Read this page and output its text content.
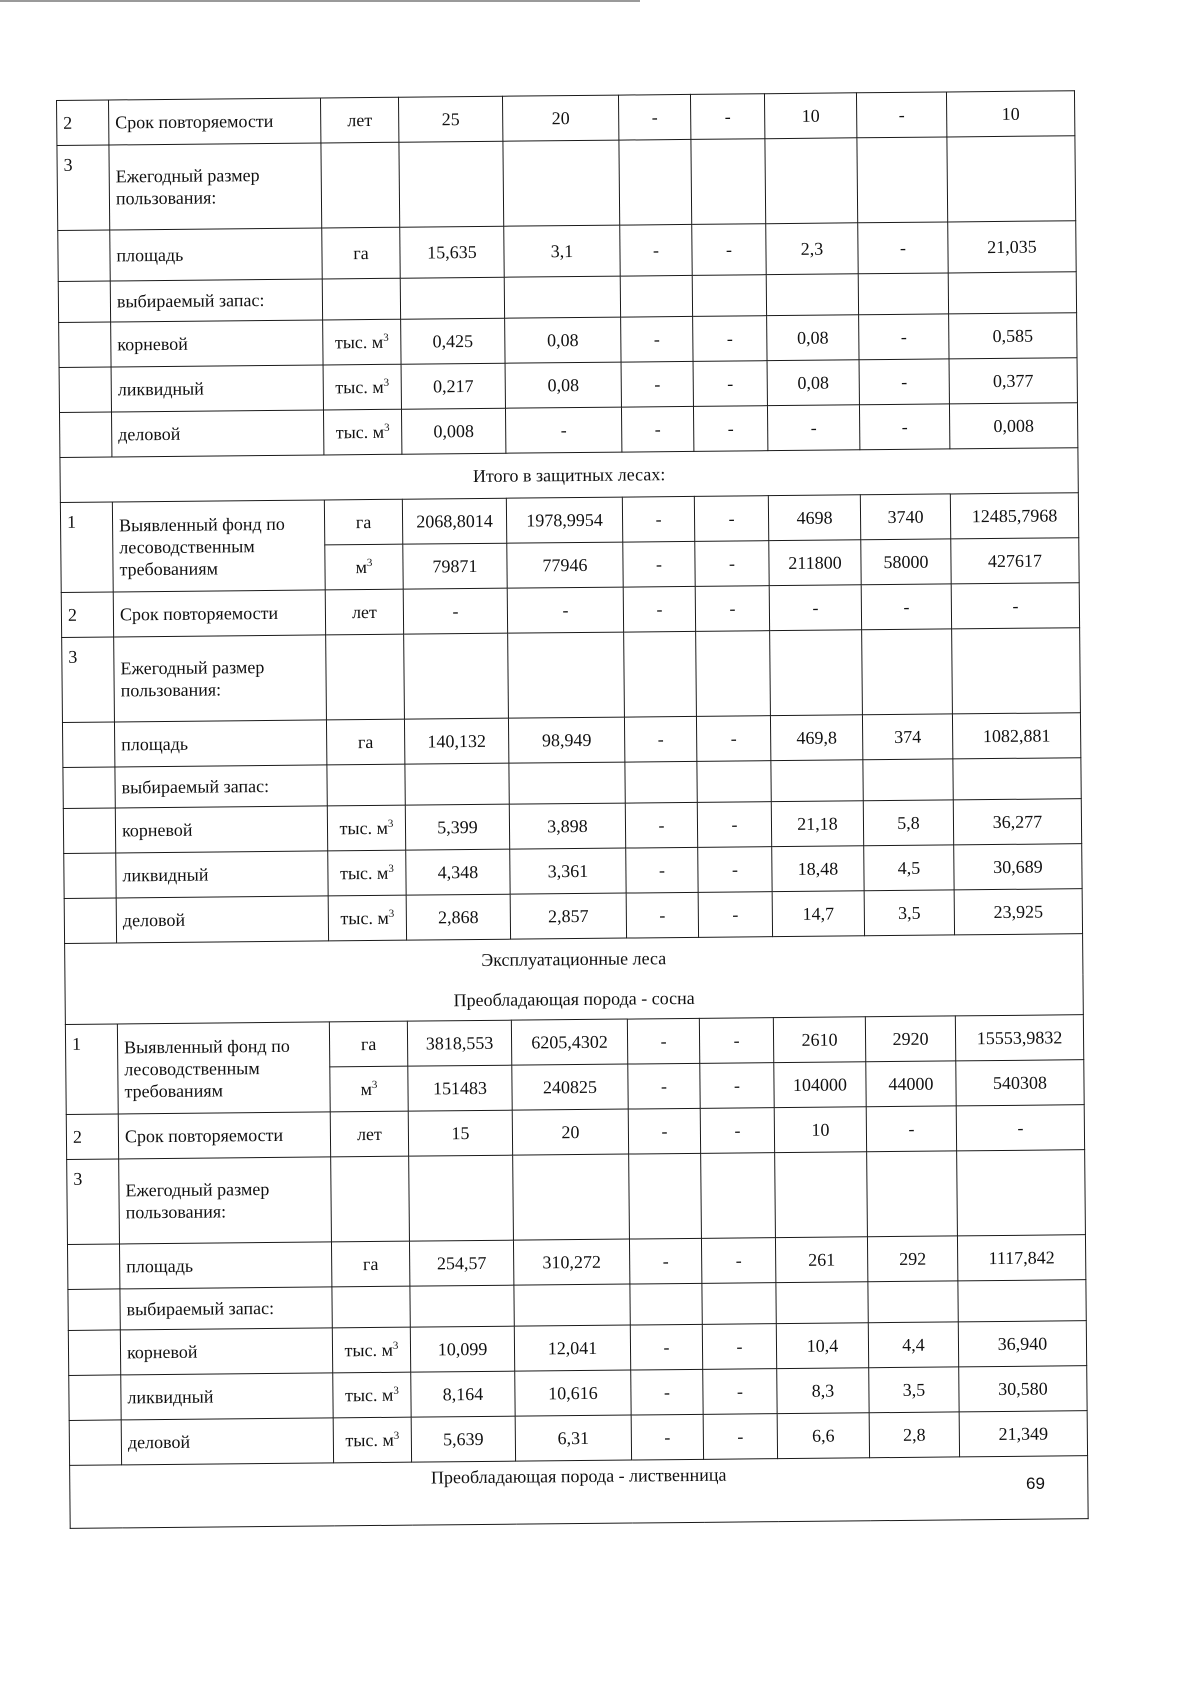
2	Срок повторяемости	лет	25	20	-	-	10	-	10
3	Ежегодный размер пользования:								
	площадь	га	15,635	3,1	-	-	2,3	-	21,035
	выбираемый запас:								
	корневой	тыс. $м^3$	0,425	0,08	-	-	0,08	-	0,585
	ликвидный	тыс. $м^3$	0,217	0,08	-	-	0,08	-	0,377
	деловой	тыс. $м^3$	0,008	-	-	-	-	-	0,008
Итого в защитных лесах:									
1	Выявленный фонд по лесоводственным требованиям	га	2068,8014	1978,9954	-	-	4698	3740	12485,7968
		$м^3$	79871	77946	-	-	211800	58000	427617
2	Срок повторяемости	лет	-	-	-	-	-	-	-
3	Ежегодный размер пользования:								
	площадь	га	140,132	98,949	-	-	469,8	374	1082,881
	выбираемый запас:								
	корневой	тыс. $м^3$	5,399	3,898	-	-	21,18	5,8	36,277
	ликвидный	тыс. $м^3$	4,348	3,361	-	-	18,48	4,5	30,689
	деловой	тыс. $м^3$	2,868	2,857	-	-	14,7	3,5	23,925
Эксплуатационные леса									
Преобладающая порода - сосна									
1	Выявленный фонд по лесоводственным требованиям	га	3818,553	6205,4302	-	-	2610	2920	15553,9832
		$м^3$	151483	240825	-	-	104000	44000	540308
2	Срок повторяемости	лет	15	20	-	-	10	-	-
3	Ежегодный размер пользования:								
	площадь	га	254,57	310,272	-	-	261	292	1117,842
	выбираемый запас:								
	корневой	тыс. $м^3$	10,099	12,041	-	-	10,4	4,4	36,940
	ликвидный	тыс. $м^3$	8,164	10,616	-	-	8,3	3,5	30,580
	деловой	тыс. $м^3$	5,639	6,31	-	-	6,6	2,8	21,349
Преобладающая порода - лиственница										69
